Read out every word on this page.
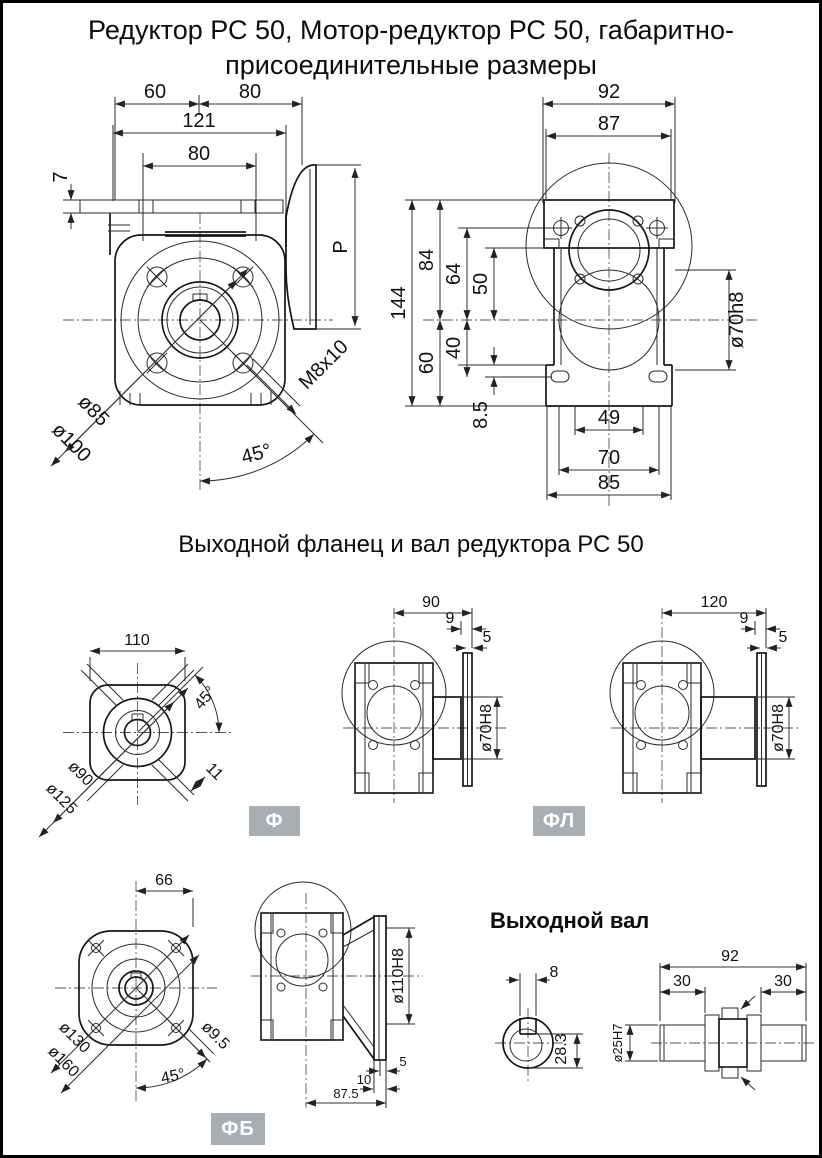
Редуктор РС 50, Мотор-редуктор РС 50, габаритно-
присоединительные размеры
Выходной фланец и вал редуктора РС 50
Выходной вал
Ф	ФЛ
ФБ
60	80
121
80
7
P
M8x10
ø85
ø100	45°
92
87
144
84
64 50
60
40
8.5
ø70h8
49
70
85
110
45°
ø90
ø125
11
90
9
5
ø70H8
120
9
5
ø70H8
66
ø130
ø160
ø9.5
45°
ø110H8
5
10
87.5
8
28.3
92
30	30
ø25H7
